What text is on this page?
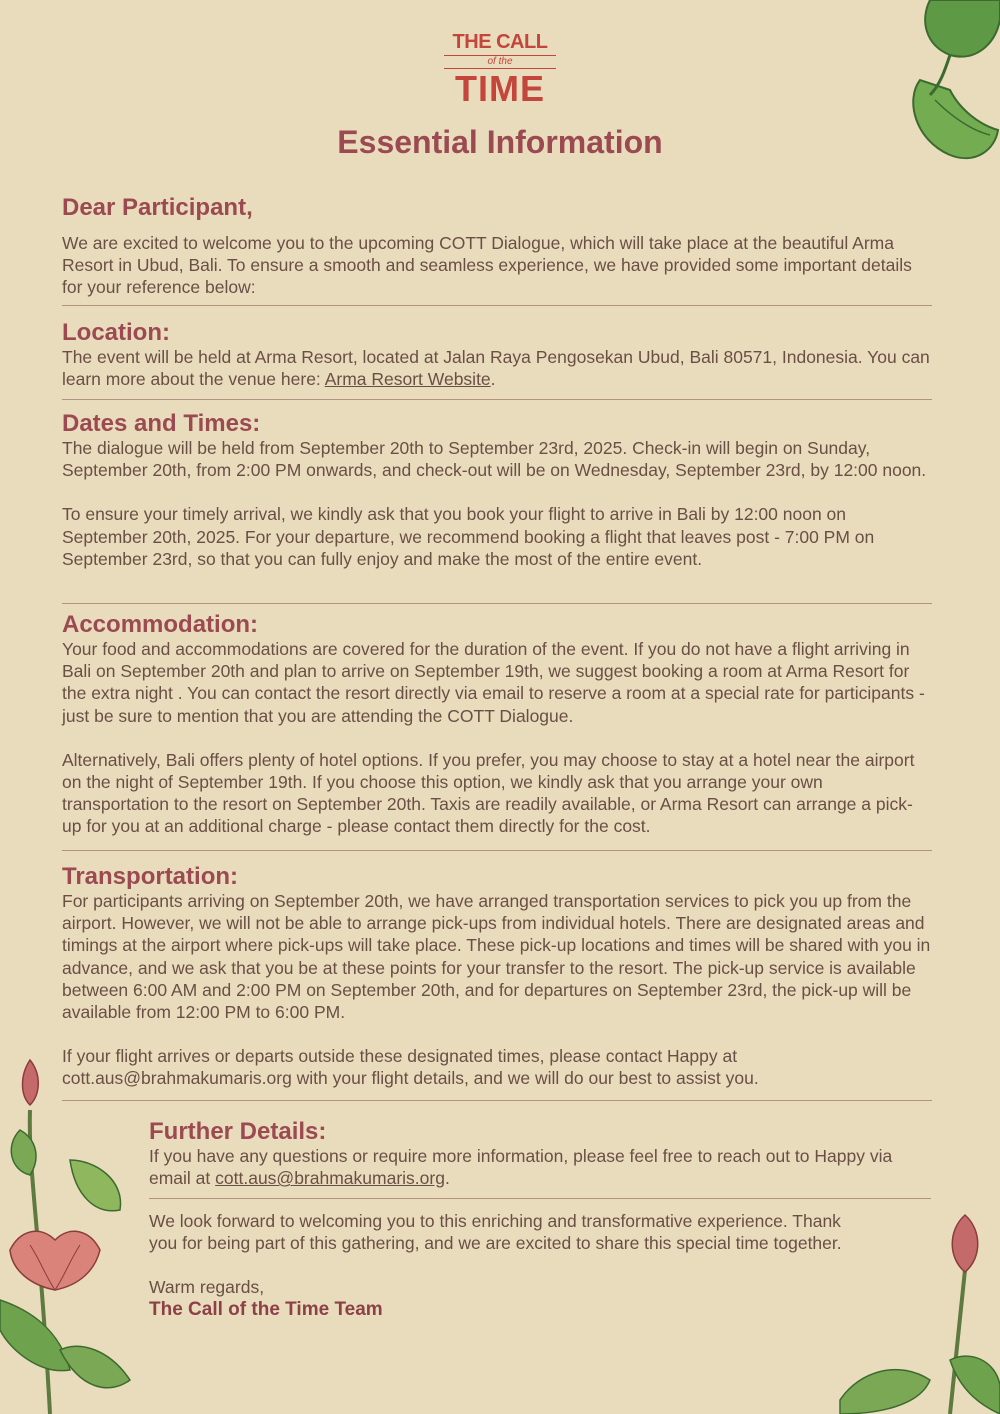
THE CALL
of the
TIME
Essential Information
Dear Participant,

We are excited to welcome you to the upcoming COTT Dialogue, which will take place at the beautiful Arma Resort in Ubud, Bali. To ensure a smooth and seamless experience, we have provided some important details for your reference below:

Location:

The event will be held at Arma Resort, located at Jalan Raya Pengosekan Ubud, Bali 80571, Indonesia. You can learn more about the venue here: Arma Resort Website.

Dates and Times:

The dialogue will be held from September 20th to September 23rd, 2025. Check-in will begin on Sunday, September 20th, from 2:00 PM onwards, and check-out will be on Wednesday, September 23rd, by 12:00 noon.

To ensure your timely arrival, we kindly ask that you book your flight to arrive in Bali by 12:00 noon on September 20th, 2025. For your departure, we recommend booking a flight that leaves post - 7:00 PM on September 23rd, so that you can fully enjoy and make the most of the entire event.

Accommodation:

Your food and accommodations are covered for the duration of the event. If you do not have a flight arriving in Bali on September 20th and plan to arrive on September 19th, we suggest booking a room at Arma Resort for the extra night . You can contact the resort directly via email to reserve a room at a special rate for participants - just be sure to mention that you are attending the COTT Dialogue.

Alternatively, Bali offers plenty of hotel options. If you prefer, you may choose to stay at a hotel near the airport on the night of September 19th. If you choose this option, we kindly ask that you arrange your own transportation to the resort on September 20th. Taxis are readily available, or Arma Resort can arrange a pick-up for you at an additional charge - please contact them directly for the cost.

Transportation:

For participants arriving on September 20th, we have arranged transportation services to pick you up from the airport. However, we will not be able to arrange pick-ups from individual hotels. There are designated areas and timings at the airport where pick-ups will take place. These pick-up locations and times will be shared with you in advance, and we ask that you be at these points for your transfer to the resort. The pick-up service is available between 6:00 AM and 2:00 PM on September 20th, and for departures on September 23rd, the pick-up will be available from 12:00 PM to 6:00 PM.

If your flight arrives or departs outside these designated times, please contact Happy at cott.aus@brahmakumaris.org with your flight details, and we will do our best to assist you.

Further Details:

If you have any questions or require more information, please feel free to reach out to Happy via email at cott.aus@brahmakumaris.org.

We look forward to welcoming you to this enriching and transformative experience. Thank you for being part of this gathering, and we are excited to share this special time together.

Warm regards,

The Call of the Time Team
